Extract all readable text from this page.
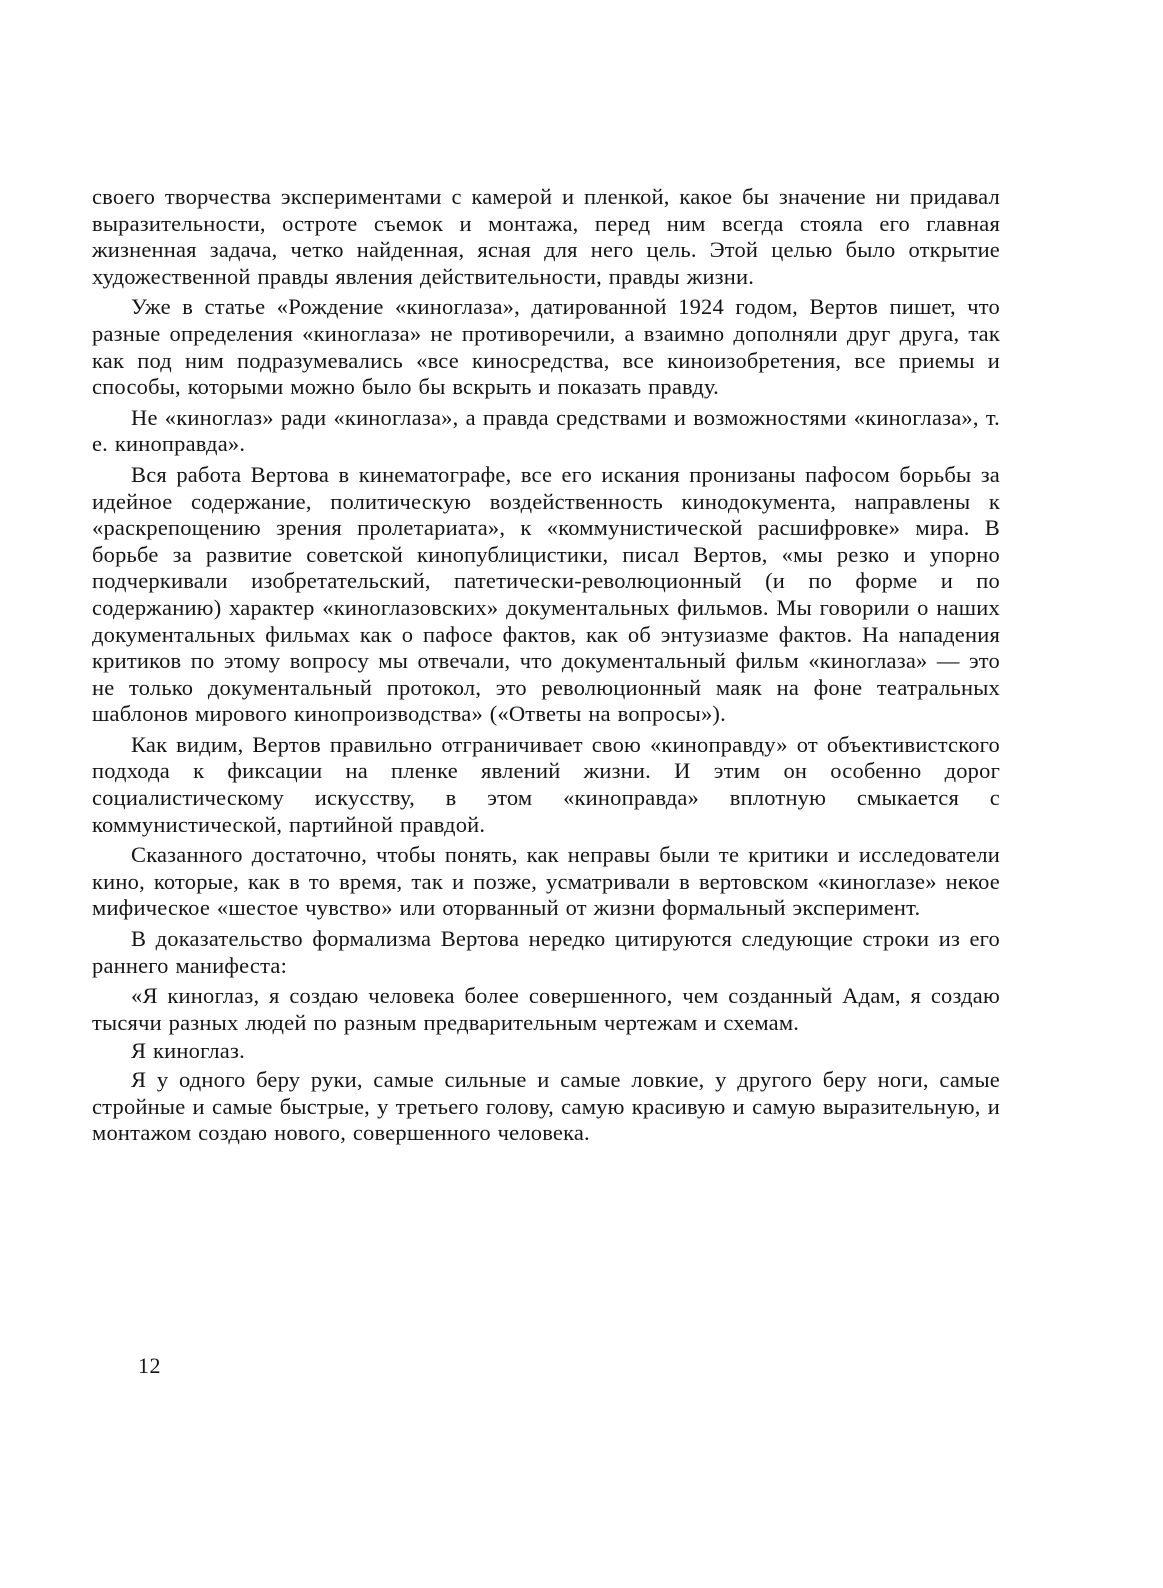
своего творчества экспериментами с камерой и пленкой, какое бы значение ни придавал выразительности, остроте съемок и монтажа, перед ним всегда стояла его главная жизненная задача, четко найденная, ясная для него цель. Этой целью было открытие художественной правды явления действительности, правды жизни.

Уже в статье «Рождение «киноглаза», датированной 1924 годом, Вертов пишет, что разные определения «киноглаза» не противоречили, а взаимно дополняли друг друга, так как под ним подразумевались «все киносредства, все киноизобретения, все приемы и способы, которыми можно было бы вскрыть и показать правду.

Не «киноглаз» ради «киноглаза», а правда средствами и возможностями «киноглаза», т. е. киноправда».

Вся работа Вертова в кинематографе, все его искания пронизаны пафосом борьбы за идейное содержание, политическую воздейственность кинодокумента, направлены к «раскрепощению зрения пролетариата», к «коммунистической расшифровке» мира. В борьбе за развитие советской кинопублицистики, писал Вертов, «мы резко и упорно подчеркивали изобретательский, патетически-революционный (и по форме и по содержанию) характер «киноглазовских» документальных фильмов. Мы говорили о наших документальных фильмах как о пафосе фактов, как об энтузиазме фактов. На нападения критиков по этому вопросу мы отвечали, что документальный фильм «киноглаза» — это не только документальный протокол, это революционный маяк на фоне театральных шаблонов мирового кинопроизводства» («Ответы на вопросы»).

Как видим, Вертов правильно отграничивает свою «киноправду» от объективистского подхода к фиксации на пленке явлений жизни. И этим он особенно дорог социалистическому искусству, в этом «киноправда» вплотную смыкается с коммунистической, партийной правдой.

Сказанного достаточно, чтобы понять, как неправы были те критики и исследователи кино, которые, как в то время, так и позже, усматривали в вертовском «киноглазе» некое мифическое «шестое чувство» или оторванный от жизни формальный эксперимент.

В доказательство формализма Вертова нередко цитируются следующие строки из его раннего манифеста:

«Я киноглаз, я создаю человека более совершенного, чем созданный Адам, я создаю тысячи разных людей по разным предварительным чертежам и схемам.

Я киноглаз.

Я у одного беру руки, самые сильные и самые ловкие, у другого беру ноги, самые стройные и самые быстрые, у третьего голову, самую красивую и самую выразительную, и монтажом создаю нового, совершенного человека.

12
